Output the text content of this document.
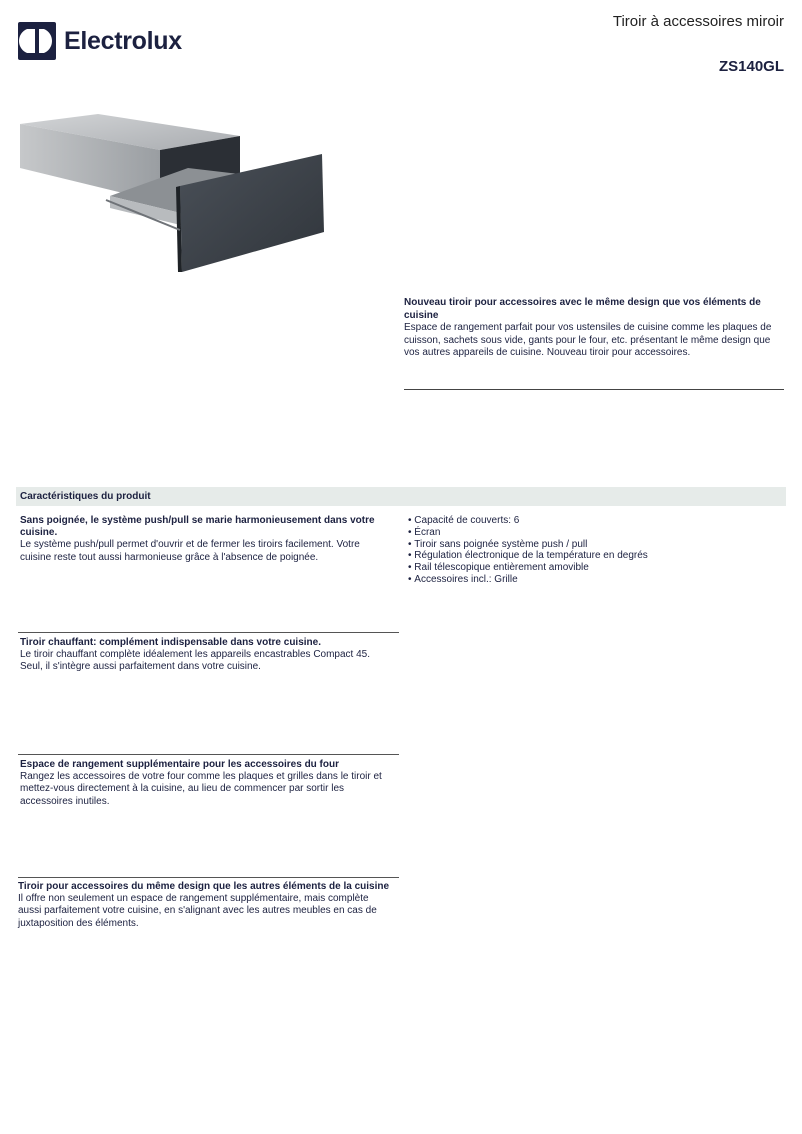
Electrolux
Tiroir à accessoires miroir
ZS140GL
Nouveau tiroir pour accessoires avec le même design que vos éléments de cuisine
Espace de rangement parfait pour vos ustensiles de cuisine comme les plaques de cuisson, sachets sous vide, gants pour le four, etc. présentant le même design que vos autres appareils de cuisine. Nouveau tiroir pour accessoires.
Caractéristiques du produit
Sans poignée, le système push/pull se marie harmonieusement dans votre cuisine.
Le système push/pull permet d'ouvrir et de fermer les tiroirs facilement. Votre cuisine reste tout aussi harmonieuse grâce à l'absence de poignée.
Tiroir chauffant: complément indispensable dans votre cuisine.
Le tiroir chauffant complète idéalement les appareils encastrables Compact 45. Seul, il s'intègre aussi parfaitement dans votre cuisine.
Espace de rangement supplémentaire pour les accessoires du four
Rangez les accessoires de votre four comme les plaques et grilles dans le tiroir et mettez-vous directement à la cuisine, au lieu de commencer par sortir les accessoires inutiles.
Tiroir pour accessoires du même design que les autres éléments de la cuisine
Il offre non seulement un espace de rangement supplémentaire, mais complète aussi parfaitement votre cuisine, en s'alignant avec les autres meubles en cas de juxtaposition des éléments.
• Capacité de couverts: 6
• Écran
• Tiroir sans poignée système push / pull
• Régulation électronique de la température en degrés
• Rail télescopique entièrement amovible
• Accessoires incl.: Grille
